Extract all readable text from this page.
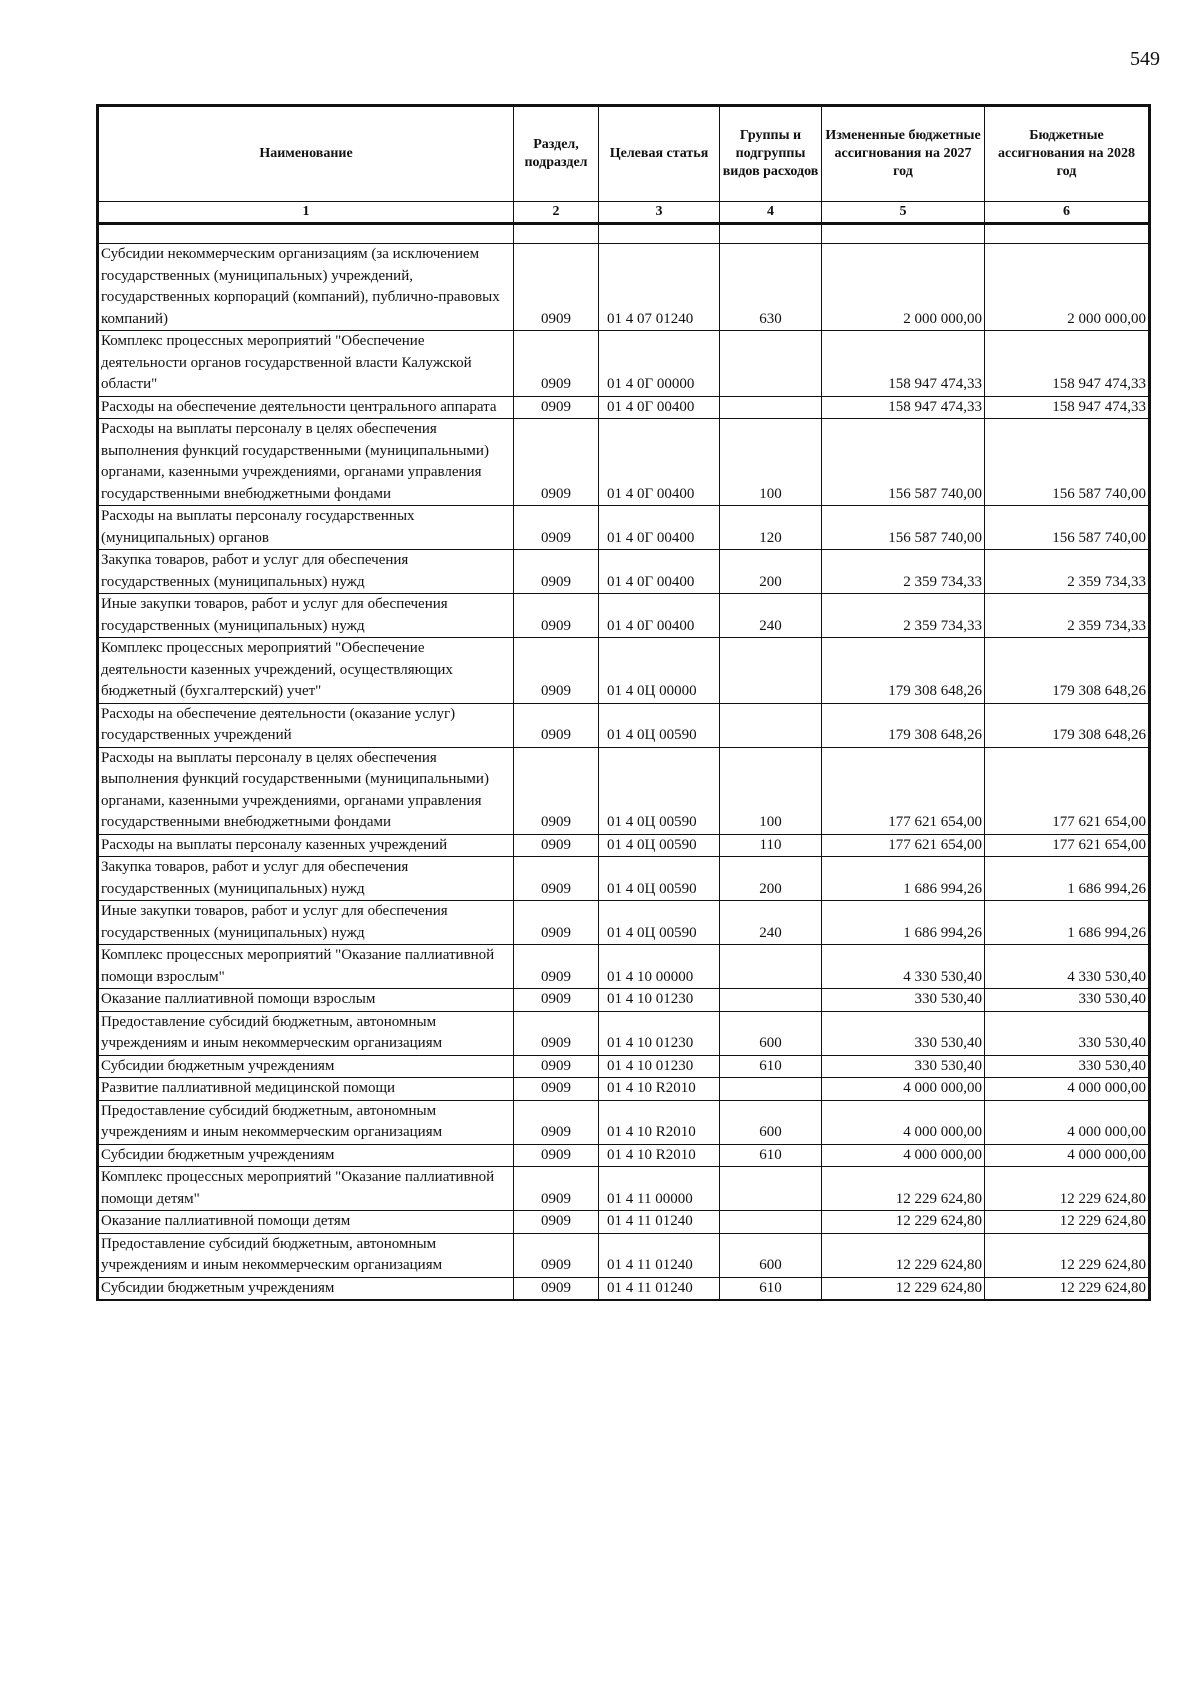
549
Наименование	Раздел, подраздел	Целевая статья	Группы и подгруппы видов расходов	Измененные бюджетные ассигнования на 2027 год	Бюджетные ассигнования на 2028 год
1	2	3	4	5	6

Субсидии некоммерческим организациям (за исключением государственных (муниципальных) учреждений, государственных корпораций (компаний), публично-правовых компаний)	0909	01 4 07 01240	630	2 000 000,00	2 000 000,00
Комплекс процессных мероприятий "Обеспечение деятельности органов государственной власти Калужской области"	0909	01 4 0Г 00000		158 947 474,33	158 947 474,33
Расходы на обеспечение деятельности центрального аппарата	0909	01 4 0Г 00400		158 947 474,33	158 947 474,33
Расходы на выплаты персоналу в целях обеспечения выполнения функций государственными (муниципальными) органами, казенными учреждениями, органами управления государственными внебюджетными фондами	0909	01 4 0Г 00400	100	156 587 740,00	156 587 740,00
Расходы на выплаты персоналу государственных (муниципальных) органов	0909	01 4 0Г 00400	120	156 587 740,00	156 587 740,00
Закупка товаров, работ и услуг для обеспечения государственных (муниципальных) нужд	0909	01 4 0Г 00400	200	2 359 734,33	2 359 734,33
Иные закупки товаров, работ и услуг для обеспечения государственных (муниципальных) нужд	0909	01 4 0Г 00400	240	2 359 734,33	2 359 734,33
Комплекс процессных мероприятий "Обеспечение деятельности казенных учреждений, осуществляющих бюджетный (бухгалтерский) учет"	0909	01 4 0Ц 00000		179 308 648,26	179 308 648,26
Расходы на обеспечение деятельности (оказание услуг) государственных учреждений	0909	01 4 0Ц 00590		179 308 648,26	179 308 648,26
Расходы на выплаты персоналу в целях обеспечения выполнения функций государственными (муниципальными) органами, казенными учреждениями, органами управления государственными внебюджетными фондами	0909	01 4 0Ц 00590	100	177 621 654,00	177 621 654,00
Расходы на выплаты персоналу казенных учреждений	0909	01 4 0Ц 00590	110	177 621 654,00	177 621 654,00
Закупка товаров, работ и услуг для обеспечения государственных (муниципальных) нужд	0909	01 4 0Ц 00590	200	1 686 994,26	1 686 994,26
Иные закупки товаров, работ и услуг для обеспечения государственных (муниципальных) нужд	0909	01 4 0Ц 00590	240	1 686 994,26	1 686 994,26
Комплекс процессных мероприятий "Оказание паллиативной помощи взрослым"	0909	01 4 10 00000		4 330 530,40	4 330 530,40
Оказание паллиативной помощи взрослым	0909	01 4 10 01230		330 530,40	330 530,40
Предоставление субсидий бюджетным, автономным учреждениям и иным некоммерческим организациям	0909	01 4 10 01230	600	330 530,40	330 530,40
Субсидии бюджетным учреждениям	0909	01 4 10 01230	610	330 530,40	330 530,40
Развитие паллиативной медицинской помощи	0909	01 4 10 R2010		4 000 000,00	4 000 000,00
Предоставление субсидий бюджетным, автономным учреждениям и иным некоммерческим организациям	0909	01 4 10 R2010	600	4 000 000,00	4 000 000,00
Субсидии бюджетным учреждениям	0909	01 4 10 R2010	610	4 000 000,00	4 000 000,00
Комплекс процессных мероприятий "Оказание паллиативной помощи детям"	0909	01 4 11 00000		12 229 624,80	12 229 624,80
Оказание паллиативной помощи детям	0909	01 4 11 01240		12 229 624,80	12 229 624,80
Предоставление субсидий бюджетным, автономным учреждениям и иным некоммерческим организациям	0909	01 4 11 01240	600	12 229 624,80	12 229 624,80
Субсидии бюджетным учреждениям	0909	01 4 11 01240	610	12 229 624,80	12 229 624,80
